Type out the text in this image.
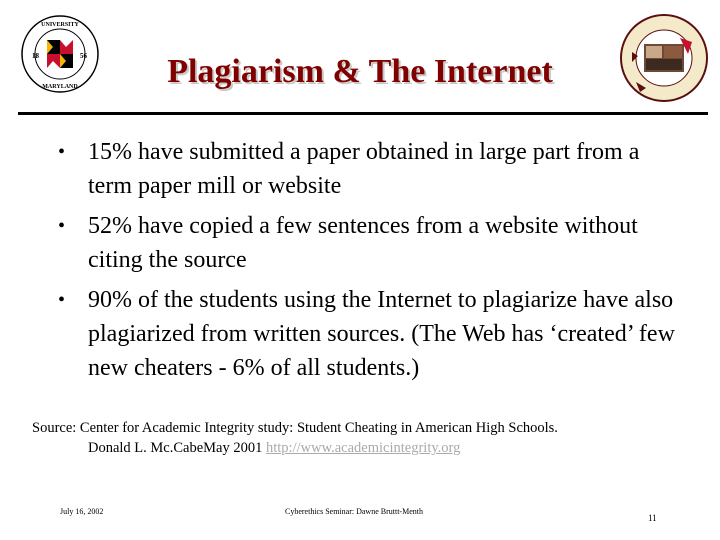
18	56
UNIVERSITY
MARYLAND	Plagiarism & The Internet
• 15% have submitted a paper obtained in large part from a term paper mill or website
• 52% have copied a few sentences from a website without citing the source
• 90% of the students using the Internet to plagiarize have also plagiarized from written sources. (The Web has ‘created’ few new cheaters - 6% of all students.)
Source: Center for Academic Integrity study: Student Cheating in American High Schools.
Donald L. Mc.CabeMay 2001 http://www.academicintegrity.org
July 16, 2002	Cyberethics Seminar: Dawne Bruttt-Menth
11
